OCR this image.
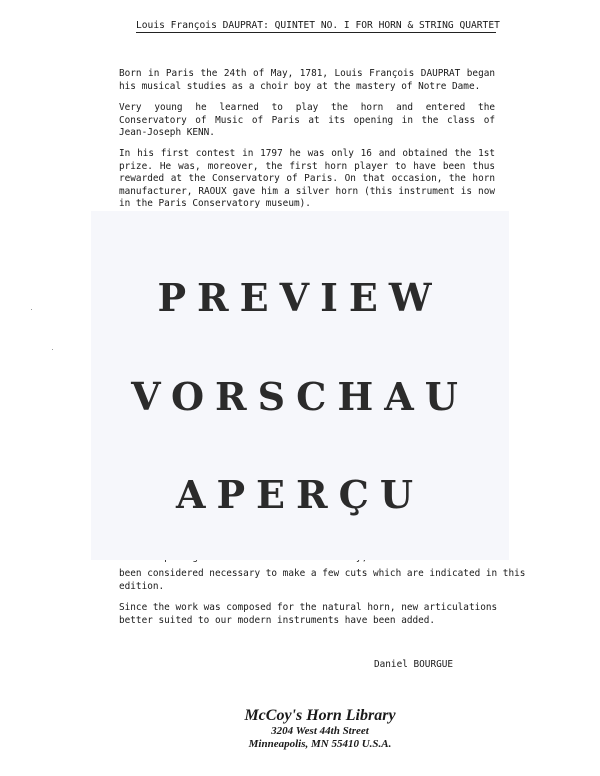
Louis François DAUPRAT: QUINTET NO. I FOR HORN & STRING QUARTET
Born in Paris the 24th of May, 1781, Louis François DAUPRAT began his musical studies as a choir boy at the mastery of Notre Dame.
Very young he learned to play the horn and entered the Conservatory of Music of Paris at its opening in the class of Jean-Joseph KENN.
In his first contest in 1797 he was only 16 and obtained the 1st prize. He was, moreover, the first horn player to have been thus rewarded at the Conservatory of Paris. On that occasion, the horn manufacturer, RAOUX gave him a silver horn (this instrument is now in the Paris Conservatory museum).
been considered necessary to make a few cuts which are indicated in this edition.
Since the work was composed for the natural horn, new articulations better suited to our modern instruments have been added.
PREVIEW
VORSCHAU
APERÇU
Daniel BOURGUE
McCoy's Horn Library
3204 West 44th Street
Minneapolis, MN 55410 U.S.A.
